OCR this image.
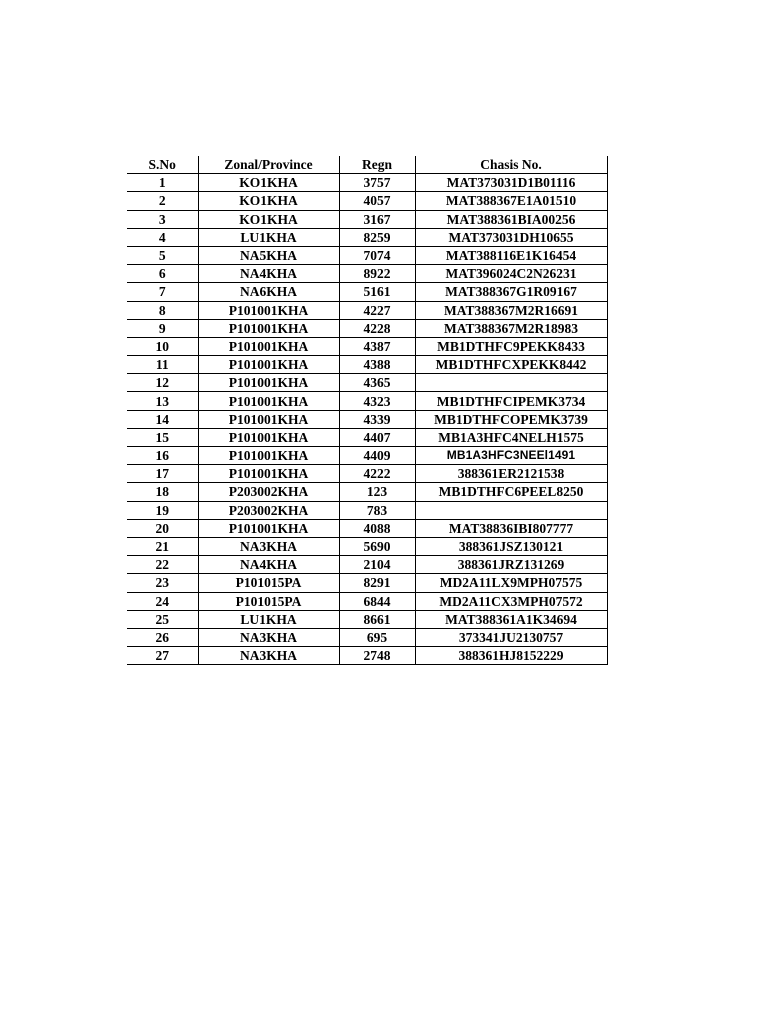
S.No	Zonal/Province	Regn	Chasis No.
1	KO1KHA	3757	MAT373031D1B01116
2	KO1KHA	4057	MAT388367E1A01510
3	KO1KHA	3167	MAT388361BIA00256
4	LU1KHA	8259	MAT373031DH10655
5	NA5KHA	7074	MAT388116E1K16454
6	NA4KHA	8922	MAT396024C2N26231
7	NA6KHA	5161	MAT388367G1R09167
8	P101001KHA	4227	MAT388367M2R16691
9	P101001KHA	4228	MAT388367M2R18983
10	P101001KHA	4387	MB1DTHFC9PEKK8433
11	P101001KHA	4388	MB1DTHFCXPEKK8442
12	P101001KHA	4365	
13	P101001KHA	4323	MB1DTHFCIPEMK3734
14	P101001KHA	4339	MB1DTHFCOPEMK3739
15	P101001KHA	4407	MB1A3HFC4NELH1575
16	P101001KHA	4409	MB1A3HFC3NEEl1491
17	P101001KHA	4222	388361ER2121538
18	P203002KHA	123	MB1DTHFC6PEEL8250
19	P203002KHA	783	
20	P101001KHA	4088	MAT38836IBI807777
21	NA3KHA	5690	388361JSZ130121
22	NA4KHA	2104	388361JRZ131269
23	P101015PA	8291	MD2A11LX9MPH07575
24	P101015PA	6844	MD2A11CX3MPH07572
25	LU1KHA	8661	MAT388361A1K34694
26	NA3KHA	695	373341JU2130757
27	NA3KHA	2748	388361HJ8152229
